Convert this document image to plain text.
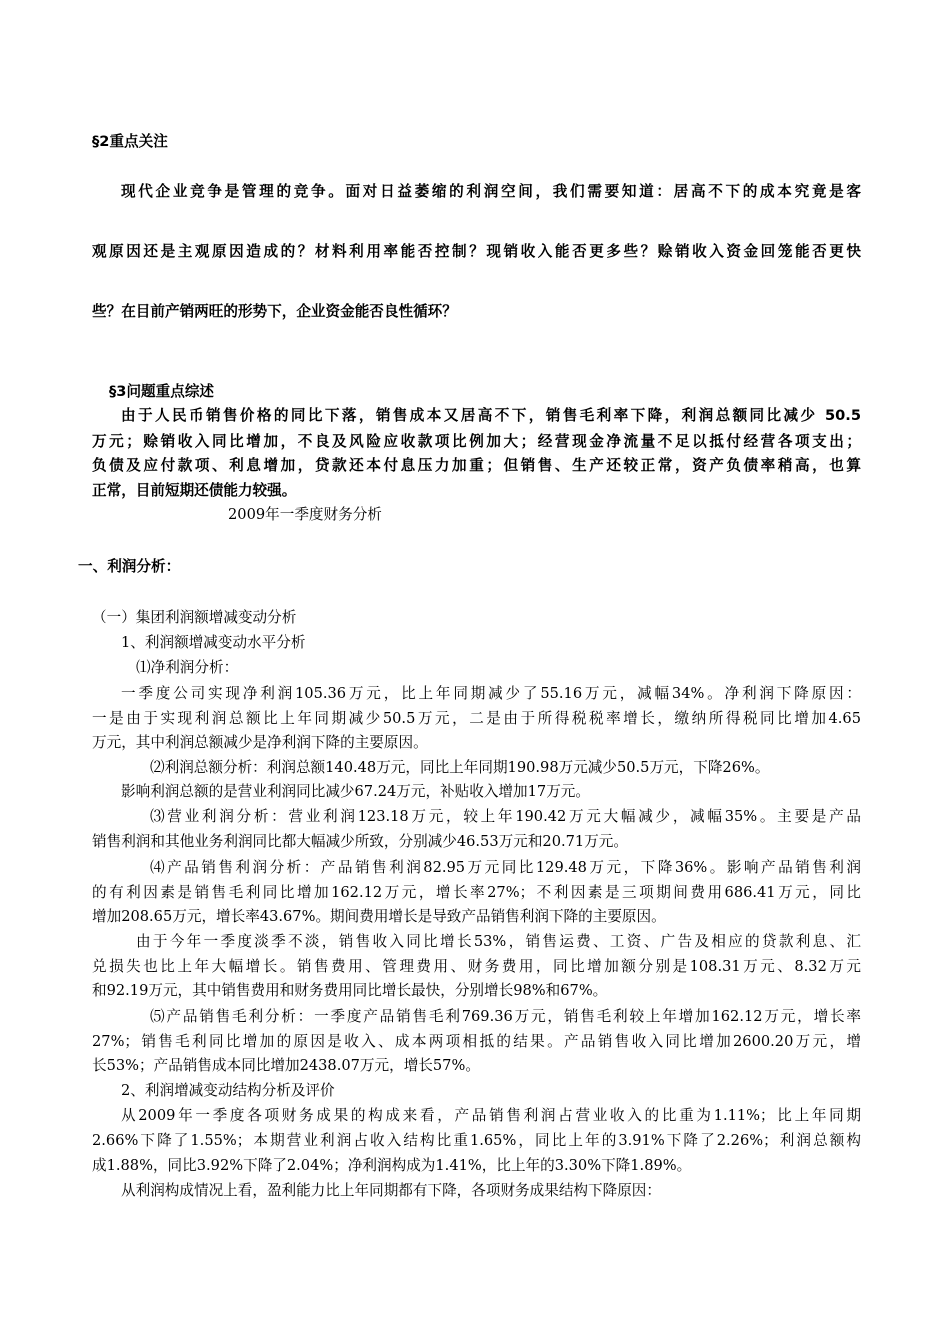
§2重点关注
现代企业竞争是管理的竞争。面对日益萎缩的利润空间，我们需要知道：居高不下的成本究竟是客
观原因还是主观原因造成的？材料利用率能否控制？现销收入能否更多些？赊销收入资金回笼能否更快
些？在目前产销两旺的形势下，企业资金能否良性循环？
§3问题重点综述
由于人民币销售价格的同比下落，销售成本又居高不下，销售毛利率下降，利润总额同比减少 50.5
万元；赊销收入同比增加，不良及风险应收款项比例加大；经营现金净流量不足以抵付经营各项支出；
负债及应付款项、利息增加，贷款还本付息压力加重；但销售、生产还较正常，资产负债率稍高，也算
正常，目前短期还债能力较强。
2009年一季度财务分析
一、利润分析：
（一）集团利润额增减变动分析
1、利润额增减变动水平分析
⑴净利润分析：
一季度公司实现净利润105.36万元，比上年同期减少了55.16万元，减幅34%。净利润下降原因：
一是由于实现利润总额比上年同期减少50.5万元，二是由于所得税税率增长，缴纳所得税同比增加4.65
万元，其中利润总额减少是净利润下降的主要原因。
⑵利润总额分析：利润总额140.48万元，同比上年同期190.98万元减少50.5万元，下降26%。
影响利润总额的是营业利润同比减少67.24万元，补贴收入增加17万元。
⑶营业利润分析：营业利润123.18万元，较上年190.42万元大幅减少，减幅35%。主要是产品
销售利润和其他业务利润同比都大幅减少所致，分别减少46.53万元和20.71万元。
⑷产品销售利润分析：产品销售利润82.95万元同比129.48万元，下降36%。影响产品销售利润
的有利因素是销售毛利同比增加162.12万元，增长率27%；不利因素是三项期间费用686.41万元，同比
增加208.65万元，增长率43.67%。期间费用增长是导致产品销售利润下降的主要原因。
由于今年一季度淡季不淡，销售收入同比增长53%，销售运费、工资、广告及相应的贷款利息、汇
兑损失也比上年大幅增长。销售费用、管理费用、财务费用，同比增加额分别是108.31万元、8.32万元
和92.19万元，其中销售费用和财务费用同比增长最快，分别增长98%和67%。
⑸产品销售毛利分析：一季度产品销售毛利769.36万元，销售毛利较上年增加162.12万元，增长率
27%；销售毛利同比增加的原因是收入、成本两项相抵的结果。产品销售收入同比增加2600.20万元，增
长53%；产品销售成本同比增加2438.07万元，增长57%。
2、利润增减变动结构分析及评价
从2009年一季度各项财务成果的构成来看，产品销售利润占营业收入的比重为1.11%；比上年同期
2.66%下降了1.55%；本期营业利润占收入结构比重1.65%，同比上年的3.91%下降了2.26%；利润总额构
成1.88%，同比3.92%下降了2.04%；净利润构成为1.41%，比上年的3.30%下降1.89%。
从利润构成情况上看，盈利能力比上年同期都有下降，各项财务成果结构下降原因：
